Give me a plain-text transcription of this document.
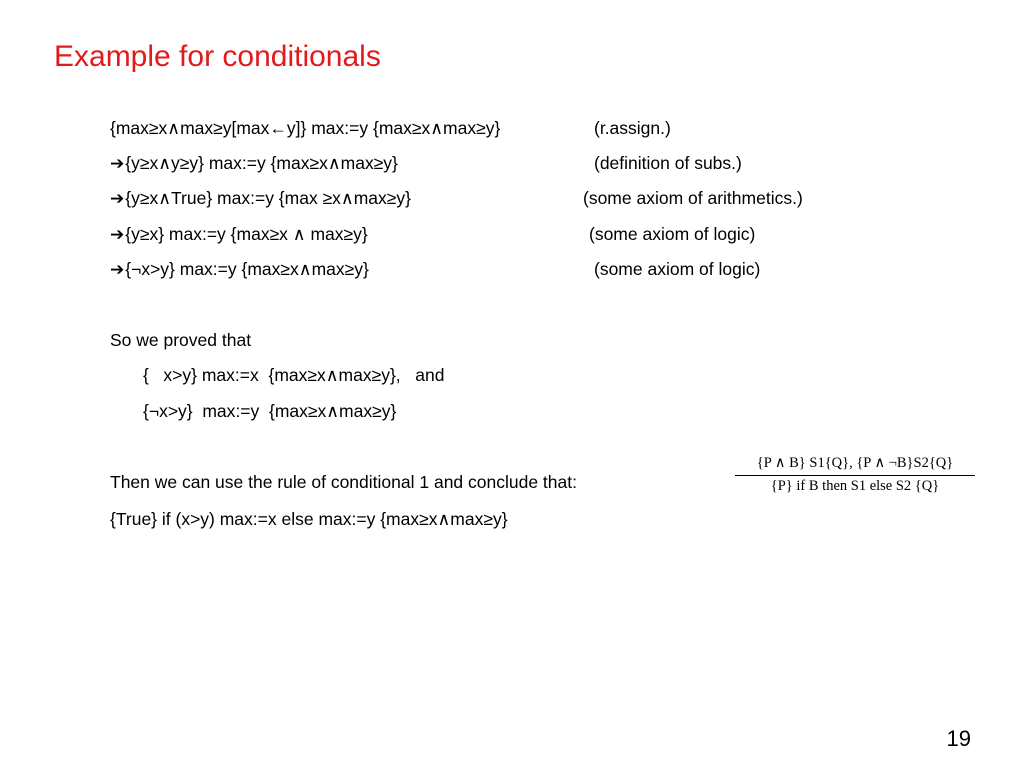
Example for conditionals
{max≥x∧max≥y[max←y]} max:=y {max≥x∧max≥y}	(r.assign.)
➔{y≥x∧y≥y} max:=y {max≥x∧max≥y}	(definition of subs.)
➔{y≥x∧True} max:=y {max ≥x∧max≥y}	(some axiom of arithmetics.)
➔{y≥x} max:=y {max≥x ∧ max≥y}	(some axiom of logic)
➔{¬x>y} max:=y {max≥x∧max≥y}	(some axiom of logic)
So we proved that
{   x>y} max:=x  {max≥x∧max≥y},   and
{¬x>y}  max:=y  {max≥x∧max≥y}
Then we can use the rule of conditional 1 and conclude that:
{True} if (x>y) max:=x else max:=y {max≥x∧max≥y}
{P ∧ B} S1{Q}, {P ∧ ¬B}S2{Q}
{P} if B then S1 else S2 {Q}
19
